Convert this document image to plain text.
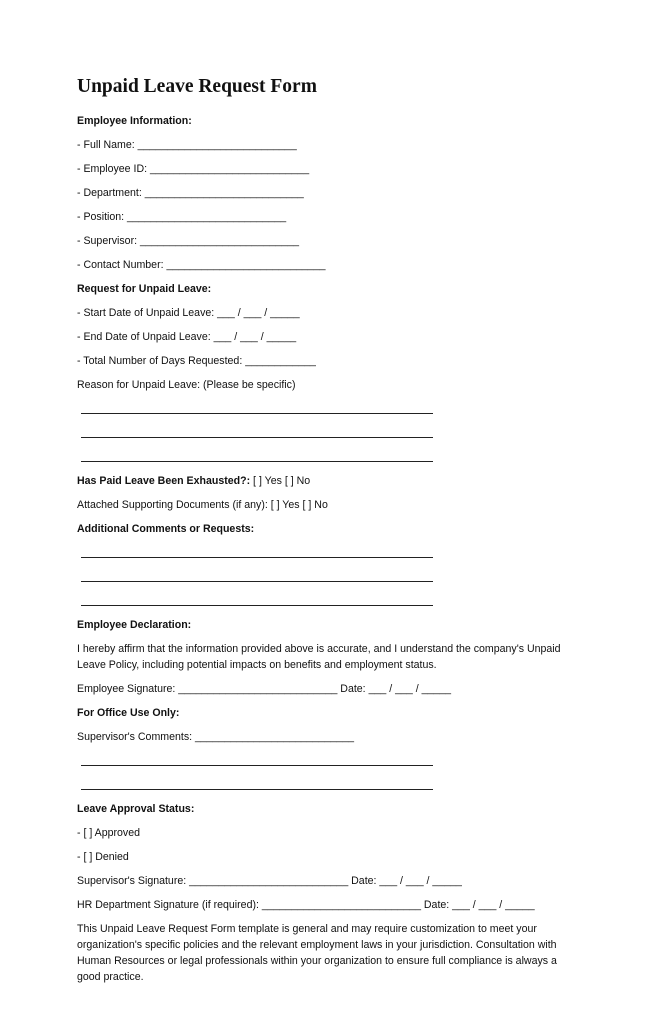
Unpaid Leave Request Form
Employee Information:
- Full Name: ___________________________
- Employee ID: ___________________________
- Department: ___________________________
- Position: ___________________________
- Supervisor: ___________________________
- Contact Number: ___________________________
Request for Unpaid Leave:
- Start Date of Unpaid Leave: ___ / ___ / _____
- End Date of Unpaid Leave: ___ / ___ / _____
- Total Number of Days Requested: ____________
Reason for Unpaid Leave: (Please be specific)
Has Paid Leave Been Exhausted?: [ ] Yes [ ] No
Attached Supporting Documents (if any): [ ] Yes [ ] No
Additional Comments or Requests:
Employee Declaration:
I hereby affirm that the information provided above is accurate, and I understand the company's Unpaid Leave Policy, including potential impacts on benefits and employment status.
Employee Signature: ___________________________ Date: ___ / ___ / _____
For Office Use Only:
Supervisor's Comments: ___________________________
Leave Approval Status:
- [ ] Approved
- [ ] Denied
Supervisor's Signature: ___________________________ Date: ___ / ___ / _____
HR Department Signature (if required): ___________________________ Date: ___ / ___ / _____
This Unpaid Leave Request Form template is general and may require customization to meet your organization's specific policies and the relevant employment laws in your jurisdiction. Consultation with Human Resources or legal professionals within your organization to ensure full compliance is always a good practice.
